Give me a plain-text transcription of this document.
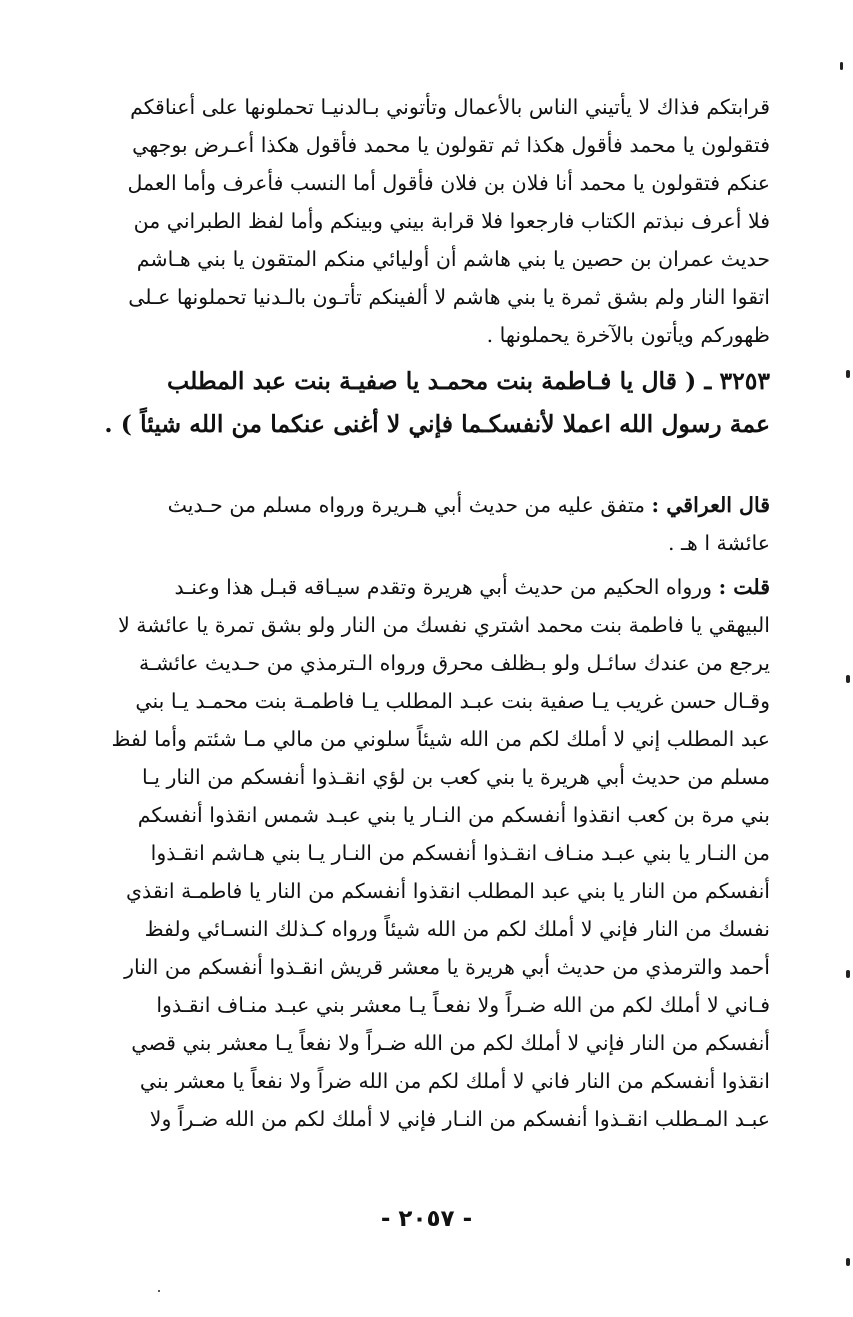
قرابتكم فذاك لا يأتيني الناس بالأعمال وتأتوني بـالدنيـا تحملونها على أعناقكم
فتقولون يا محمد فأقول هكذا ثم تقولون يا محمد فأقول هكذا أعـرض بوجهي
عنكم فتقولون يا محمد أنا فلان بن فلان فأقول أما النسب فأعرف وأما العمل
فلا أعرف نبذتم الكتاب فارجعوا فلا قرابة بيني وبينكم وأما لفظ الطبراني من
حديث عمران بن حصين يا بني هاشم أن أوليائي منكم المتقون يا بني هـاشم
اتقوا النار ولم بشق ثمرة يا بني هاشم لا ألفينكم تأتـون بالـدنيا تحملونها عـلى
ظهوركم ويأتون بالآخرة يحملونها .
٣٢٥٣ ـ ( قال يا فـاطمة بنت محمـد يا صفيـة بنت عبد المطلب
عمة رسول الله اعملا لأنفسكـما فإني لا أغنى عنكما من الله شيئاً ) .
قال العراقي : متفق عليه من حديث أبي هـريرة ورواه مسلم من حـديث
عائشة ا هـ .
قلت : ورواه الحكيم من حديث أبي هريرة وتقدم سيـاقه قبـل هذا وعنـد
البيهقي يا فاطمة بنت محمد اشتري نفسك من النار ولو بشق تمرة يا عائشة لا
يرجع من عندك سائـل ولو بـظلف محرق ورواه الـترمذي من حـديث عائشـة
وقـال حسن غريب يـا صفية بنت عبـد المطلب يـا فاطمـة بنت محمـد يـا بني
عبد المطلب إني لا أملك لكم من الله شيئاً سلوني من مالي مـا شئتم وأما لفظ
مسلم من حديث أبي هريرة يا بني كعب بن لؤي انقـذوا أنفسكم من النار يـا
بني مرة بن كعب انقذوا أنفسكم من النـار يا بني عبـد شمس انقذوا أنفسكم
من النـار يا بني عبـد منـاف انقـذوا أنفسكم من النـار يـا بني هـاشم انقـذوا
أنفسكم من النار يا بني عبد المطلب انقذوا أنفسكم من النار يا فاطمـة انقذي
نفسك من النار فإني لا أملك لكم من الله شيئاً ورواه كـذلك النسـائي ولفظ
أحمد والترمذي من حديث أبي هريرة يا معشر قريش انقـذوا أنفسكم من النار
فـاني لا أملك لكم من الله ضـراً ولا نفعـاً يـا معشر بني عبـد منـاف انقـذوا
أنفسكم من النار فإني لا أملك لكم من الله ضـراً ولا نفعاً يـا معشر بني قصي
انقذوا أنفسكم من النار فاني لا أملك لكم من الله ضراً ولا نفعاً يا معشر بني
عبـد المـطلب انقـذوا أنفسكم من النـار فإني لا أملك لكم من الله ضـراً ولا
- ٢٠٥٧ -
